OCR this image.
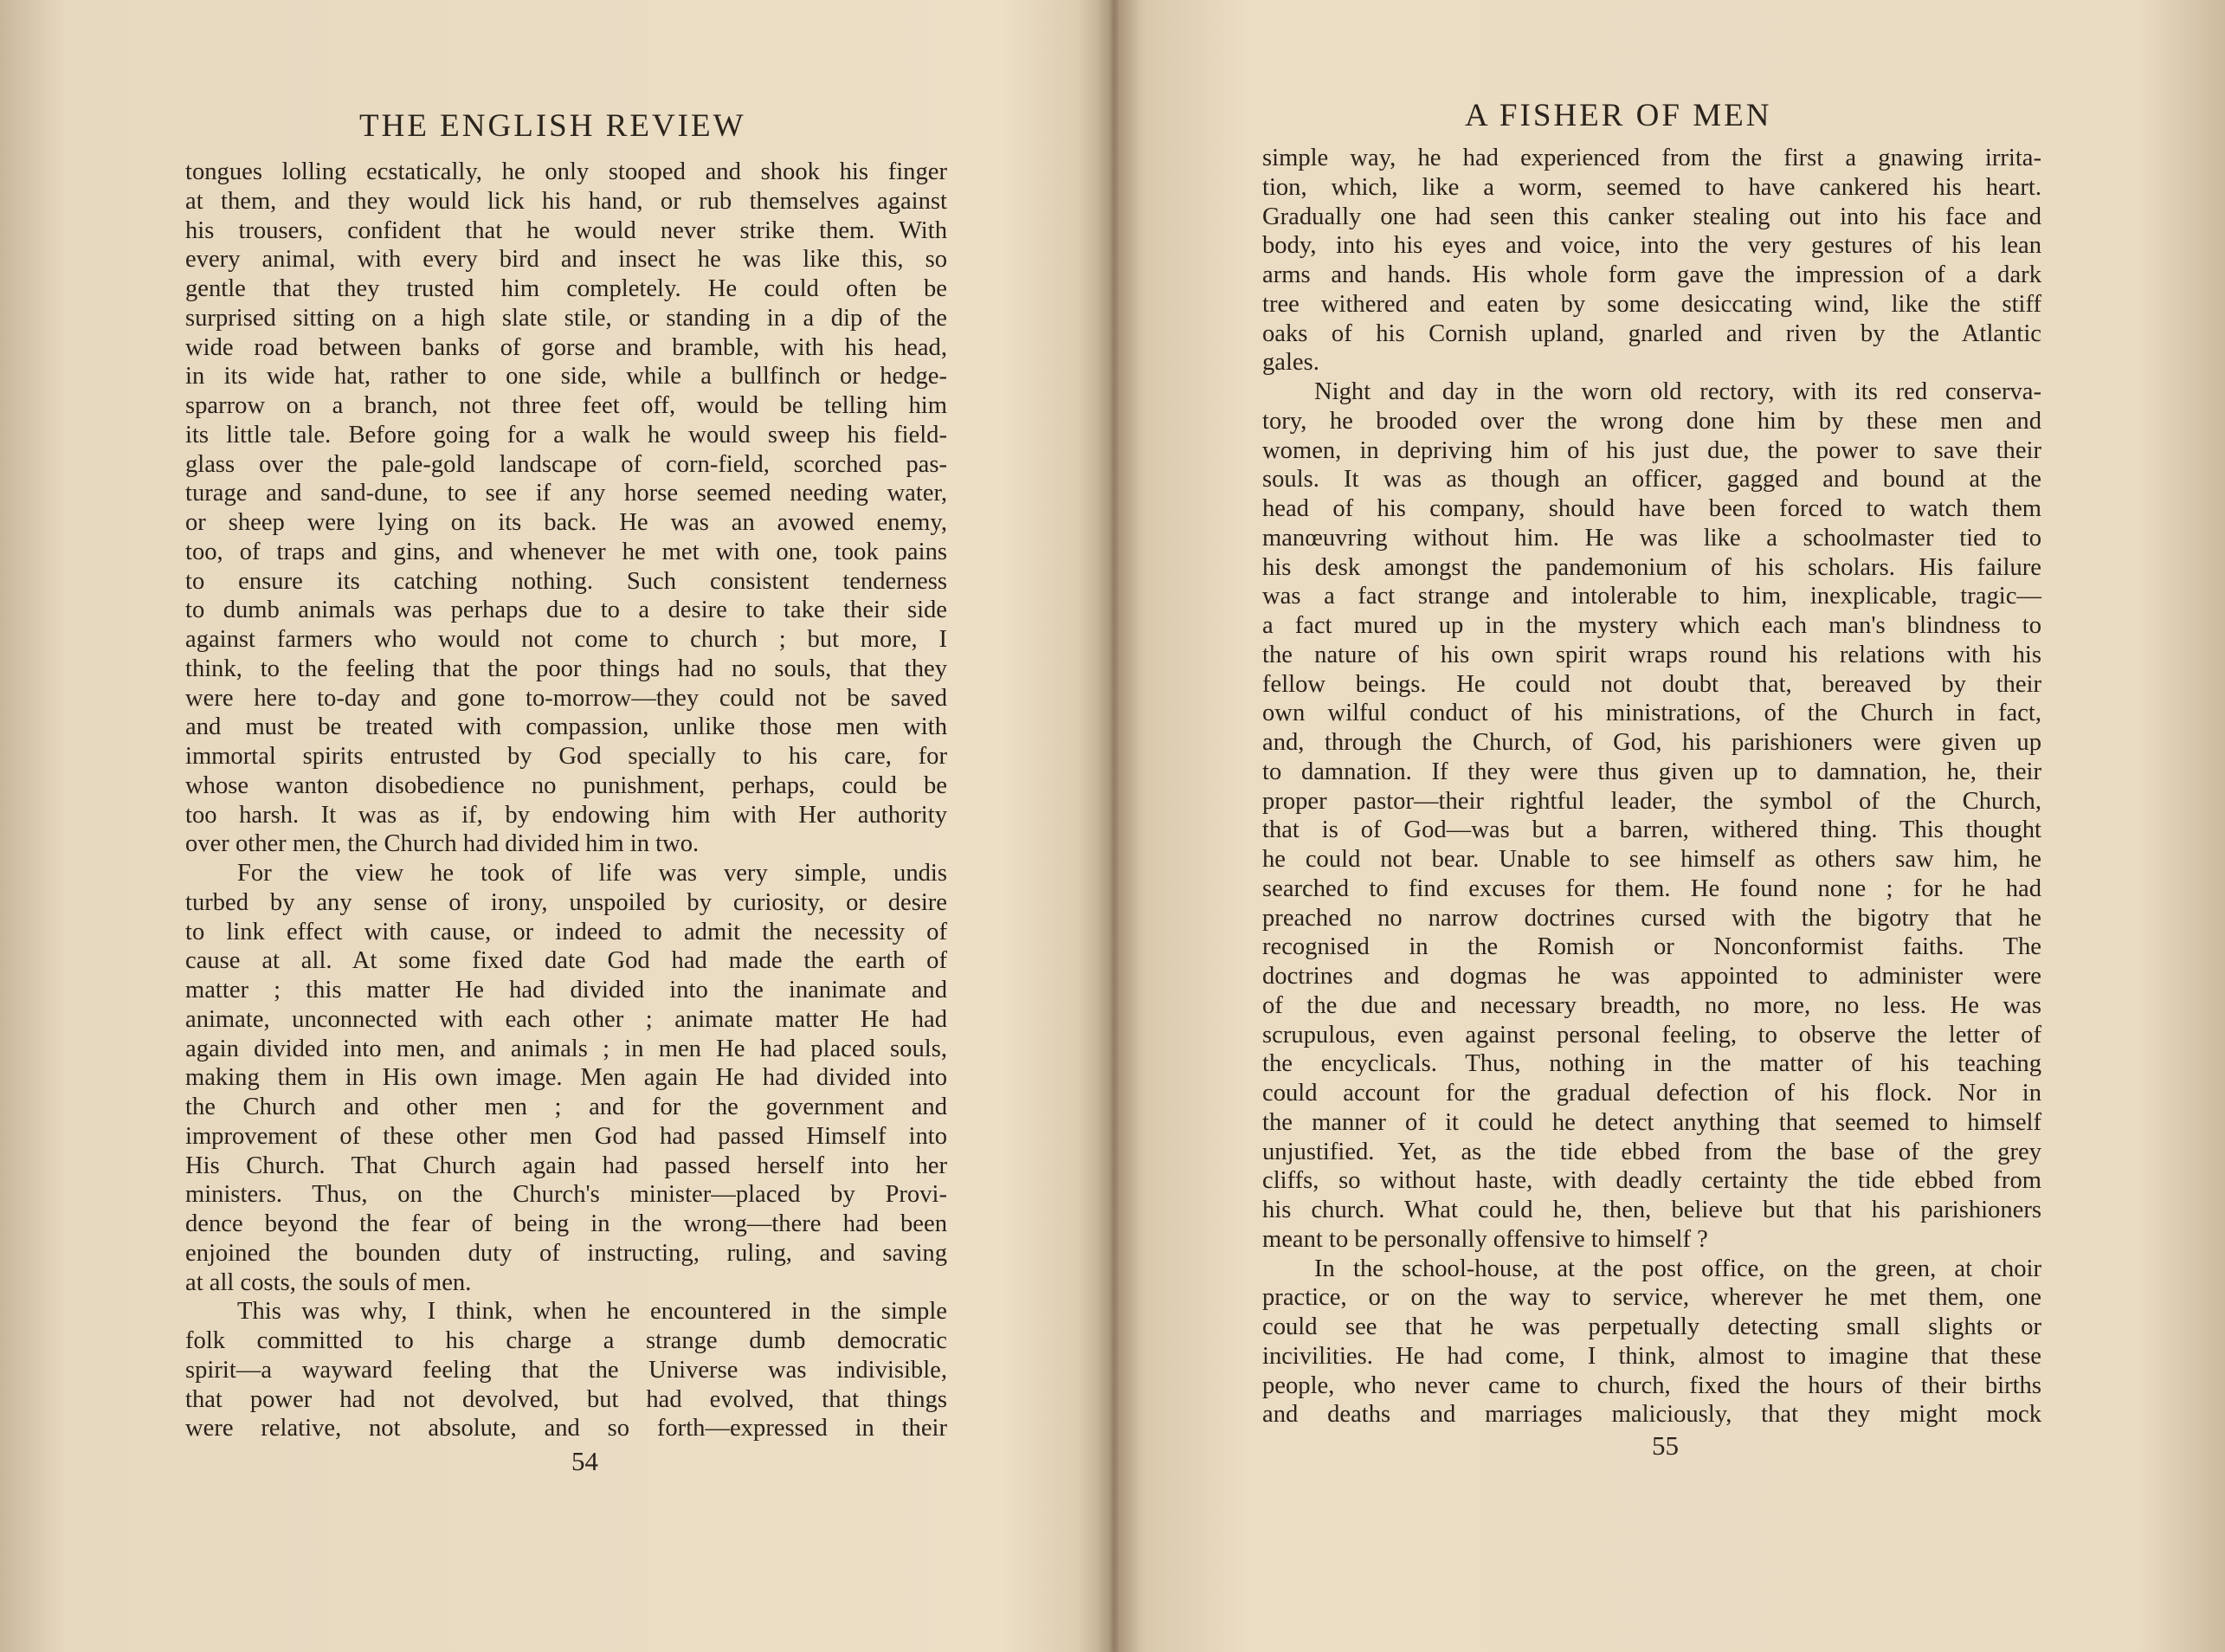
THE ENGLISH REVIEW
tongues lolling ecstatically, he only stooped and shook his finger
at them, and they would lick his hand, or rub themselves against
his trousers, confident that he would never strike them. With
every animal, with every bird and insect he was like this, so
gentle that they trusted him completely. He could often be
surprised sitting on a high slate stile, or standing in a dip of the
wide road between banks of gorse and bramble, with his head,
in its wide hat, rather to one side, while a bullfinch or hedge-
sparrow on a branch, not three feet off, would be telling him
its little tale. Before going for a walk he would sweep his field-
glass over the pale-gold landscape of corn-field, scorched pas-
turage and sand-dune, to see if any horse seemed needing water,
or sheep were lying on its back. He was an avowed enemy,
too, of traps and gins, and whenever he met with one, took pains
to ensure its catching nothing. Such consistent tenderness
to dumb animals was perhaps due to a desire to take their side
against farmers who would not come to church ; but more, I
think, to the feeling that the poor things had no souls, that they
were here to-day and gone to-morrow—they could not be saved
and must be treated with compassion, unlike those men with
immortal spirits entrusted by God specially to his care, for
whose wanton disobedience no punishment, perhaps, could be
too harsh. It was as if, by endowing him with Her authority
over other men, the Church had divided him in two.
For the view he took of life was very simple, undis
turbed by any sense of irony, unspoiled by curiosity, or desire
to link effect with cause, or indeed to admit the necessity of
cause at all. At some fixed date God had made the earth of
matter ; this matter He had divided into the inanimate and
animate, unconnected with each other ; animate matter He had
again divided into men, and animals ; in men He had placed souls,
making them in His own image. Men again He had divided into
the Church and other men ; and for the government and
improvement of these other men God had passed Himself into
His Church. That Church again had passed herself into her
ministers. Thus, on the Church's minister—placed by Provi-
dence beyond the fear of being in the wrong—there had been
enjoined the bounden duty of instructing, ruling, and saving
at all costs, the souls of men.
This was why, I think, when he encountered in the simple
folk committed to his charge a strange dumb democratic
spirit—a wayward feeling that the Universe was indivisible,
that power had not devolved, but had evolved, that things
were relative, not absolute, and so forth—expressed in their
54
A FISHER OF MEN
simple way, he had experienced from the first a gnawing irrita-
tion, which, like a worm, seemed to have cankered his heart.
Gradually one had seen this canker stealing out into his face and
body, into his eyes and voice, into the very gestures of his lean
arms and hands. His whole form gave the impression of a dark
tree withered and eaten by some desiccating wind, like the stiff
oaks of his Cornish upland, gnarled and riven by the Atlantic
gales.
Night and day in the worn old rectory, with its red conserva-
tory, he brooded over the wrong done him by these men and
women, in depriving him of his just due, the power to save their
souls. It was as though an officer, gagged and bound at the
head of his company, should have been forced to watch them
manœuvring without him. He was like a schoolmaster tied to
his desk amongst the pandemonium of his scholars. His failure
was a fact strange and intolerable to him, inexplicable, tragic—
a fact mured up in the mystery which each man's blindness to
the nature of his own spirit wraps round his relations with his
fellow beings. He could not doubt that, bereaved by their
own wilful conduct of his ministrations, of the Church in fact,
and, through the Church, of God, his parishioners were given up
to damnation. If they were thus given up to damnation, he, their
proper pastor—their rightful leader, the symbol of the Church,
that is of God—was but a barren, withered thing. This thought
he could not bear. Unable to see himself as others saw him, he
searched to find excuses for them. He found none ; for he had
preached no narrow doctrines cursed with the bigotry that he
recognised in the Romish or Nonconformist faiths. The
doctrines and dogmas he was appointed to administer were
of the due and necessary breadth, no more, no less. He was
scrupulous, even against personal feeling, to observe the letter of
the encyclicals. Thus, nothing in the matter of his teaching
could account for the gradual defection of his flock. Nor in
the manner of it could he detect anything that seemed to himself
unjustified. Yet, as the tide ebbed from the base of the grey
cliffs, so without haste, with deadly certainty the tide ebbed from
his church. What could he, then, believe but that his parishioners
meant to be personally offensive to himself ?
In the school-house, at the post office, on the green, at choir
practice, or on the way to service, wherever he met them, one
could see that he was perpetually detecting small slights or
incivilities. He had come, I think, almost to imagine that these
people, who never came to church, fixed the hours of their births
and deaths and marriages maliciously, that they might mock
55
